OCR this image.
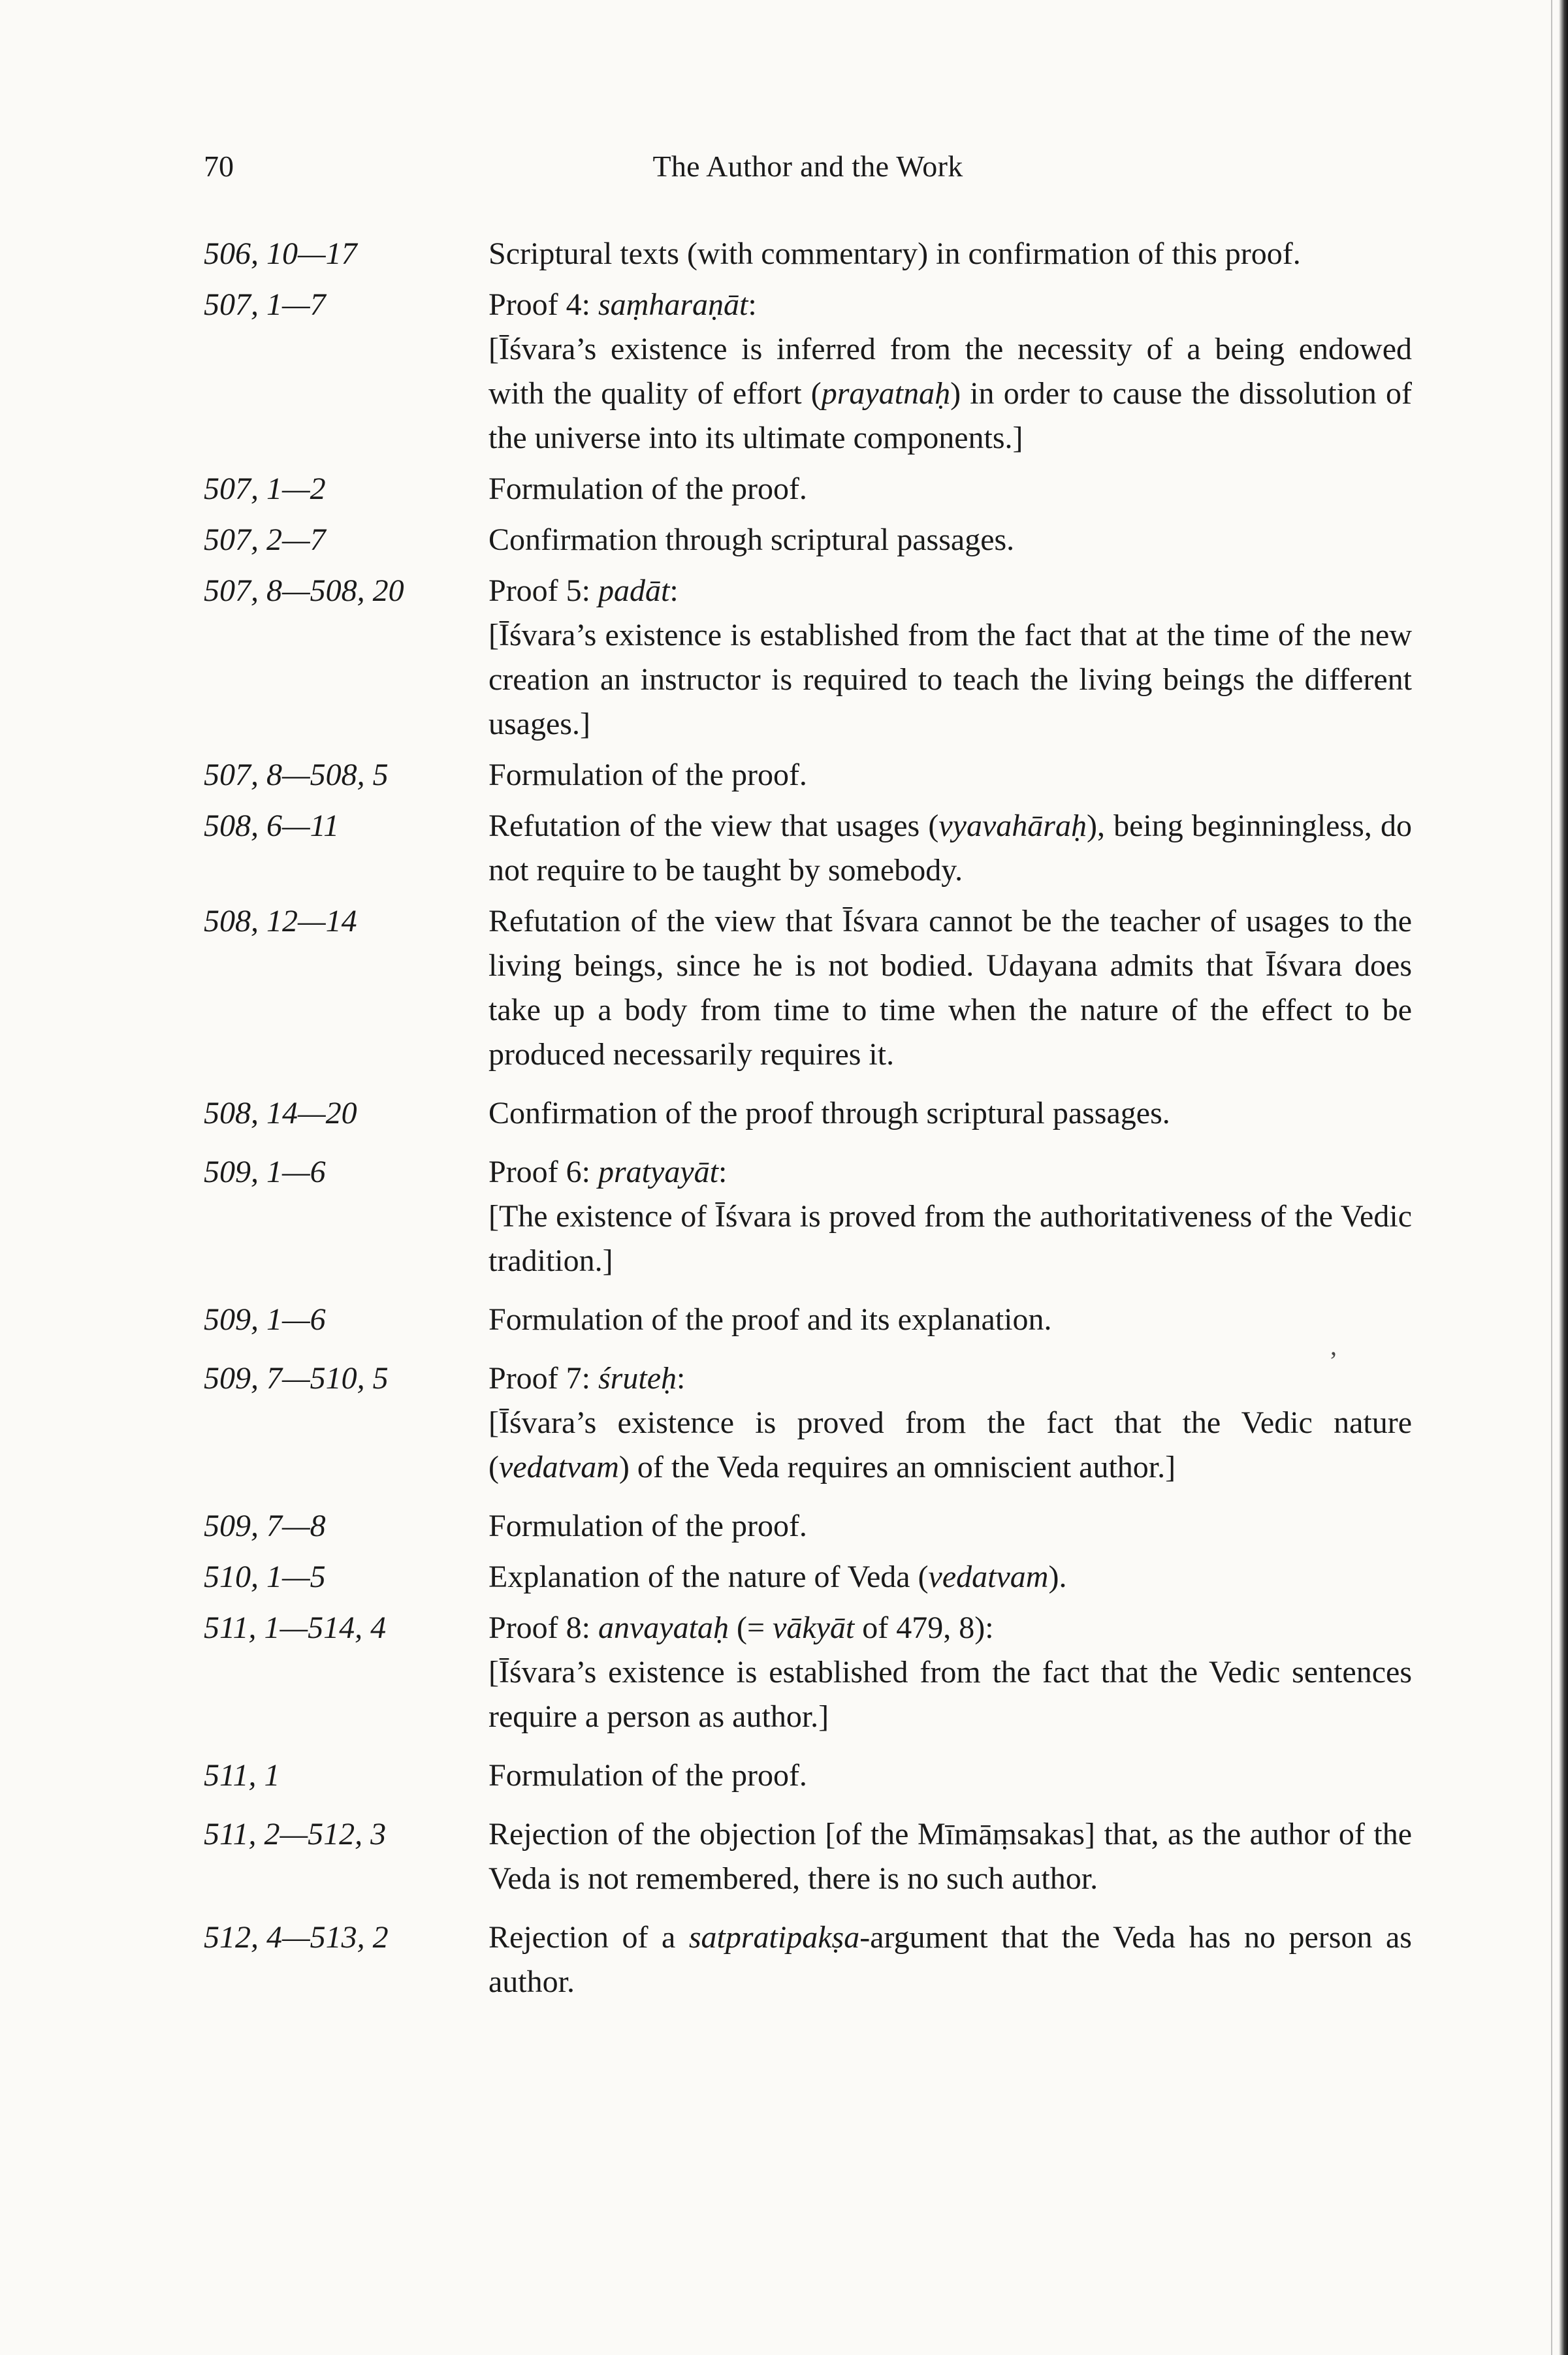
70	The Author and the Work
506, 10—17	Scriptural texts (with commentary) in confirmation of this proof.

507, 1—7	Proof 4: saṃharaṇāt:

[Īśvara’s existence is inferred from the necessity of a being endowed with the quality of effort (prayatnaḥ) in order to cause the dissolution of the universe into its ultimate components.]

507, 1—2	Formulation of the proof.

507, 2—7	Confirmation through scriptural passages.

507, 8—508, 20	Proof 5: padāt:

[Īśvara’s existence is established from the fact that at the time of the new creation an instructor is required to teach the living beings the different usages.]

507, 8—508, 5	Formulation of the proof.

508, 6—11	Refutation of the view that usages (vyavahāraḥ), being beginningless, do not require to be taught by somebody.

508, 12—14	Refutation of the view that Īśvara cannot be the teacher of usages to the living beings, since he is not bodied. Udayana admits that Īśvara does take up a body from time to time when the nature of the effect to be produced necessarily requires it.

508, 14—20	Confirmation of the proof through scriptural passages.

509, 1—6	Proof 6: pratyayāt:

[The existence of Īśvara is proved from the authoritativeness of the Vedic tradition.]

509, 1—6	Formulation of the proof and its explanation.

509, 7—510, 5	Proof 7: śruteḥ:

[Īśvara’s existence is proved from the fact that the Vedic nature (vedatvam) of the Veda requires an omniscient author.]

509, 7—8	Formulation of the proof.

510, 1—5	Explanation of the nature of Veda (vedatvam).

511, 1—514, 4	Proof 8: anvayataḥ (= vākyāt of 479, 8):

[Īśvara’s existence is established from the fact that the Vedic sentences require a person as author.]

511, 1	Formulation of the proof.

511, 2—512, 3	Rejection of the objection [of the Mīmāṃsakas] that, as the author of the Veda is not remembered, there is no such author.

512, 4—513, 2	Rejection of a satpratipakṣa-argument that the Veda has no person as author.

’
